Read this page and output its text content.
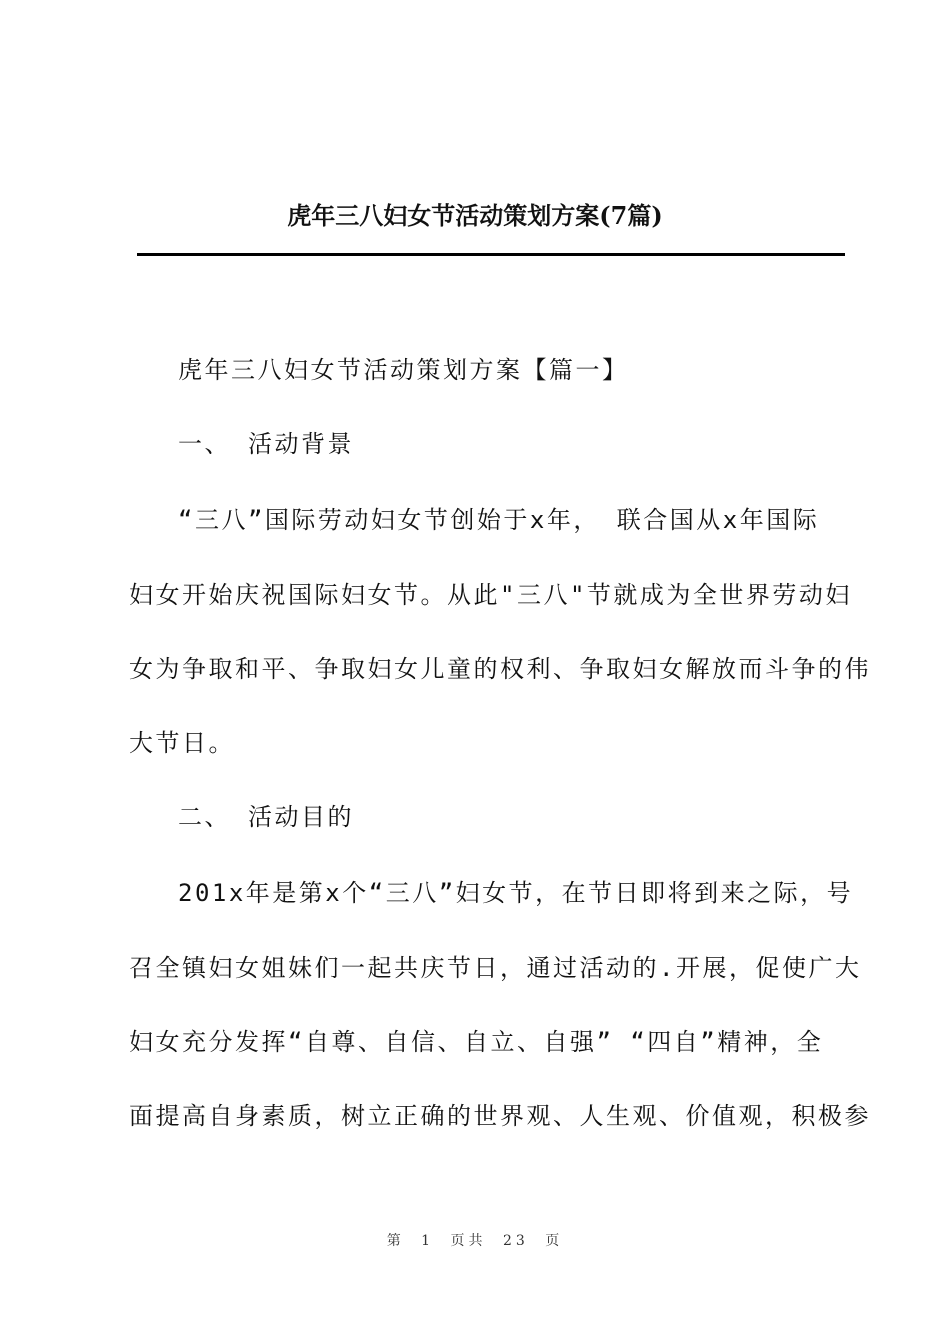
虎年三八妇女节活动策划方案(7篇)
虎年三八妇女节活动策划方案【篇一】
一、 活动背景
“三八”国际劳动妇女节创始于x年， 联合国从x年国际
妇女开始庆祝国际妇女节。从此"三八"节就成为全世界劳动妇
女为争取和平、争取妇女儿童的权利、争取妇女解放而斗争的伟
大节日。
二、 活动目的
201x年是第x个“三八”妇女节，在节日即将到来之际，号
召全镇妇女姐妹们一起共庆节日，通过活动的.开展，促使广大
妇女充分发挥“自尊、自信、自立、自强” “四自”精神，全
面提高自身素质，树立正确的世界观、人生观、价值观，积极参
第 1 页共 23 页
